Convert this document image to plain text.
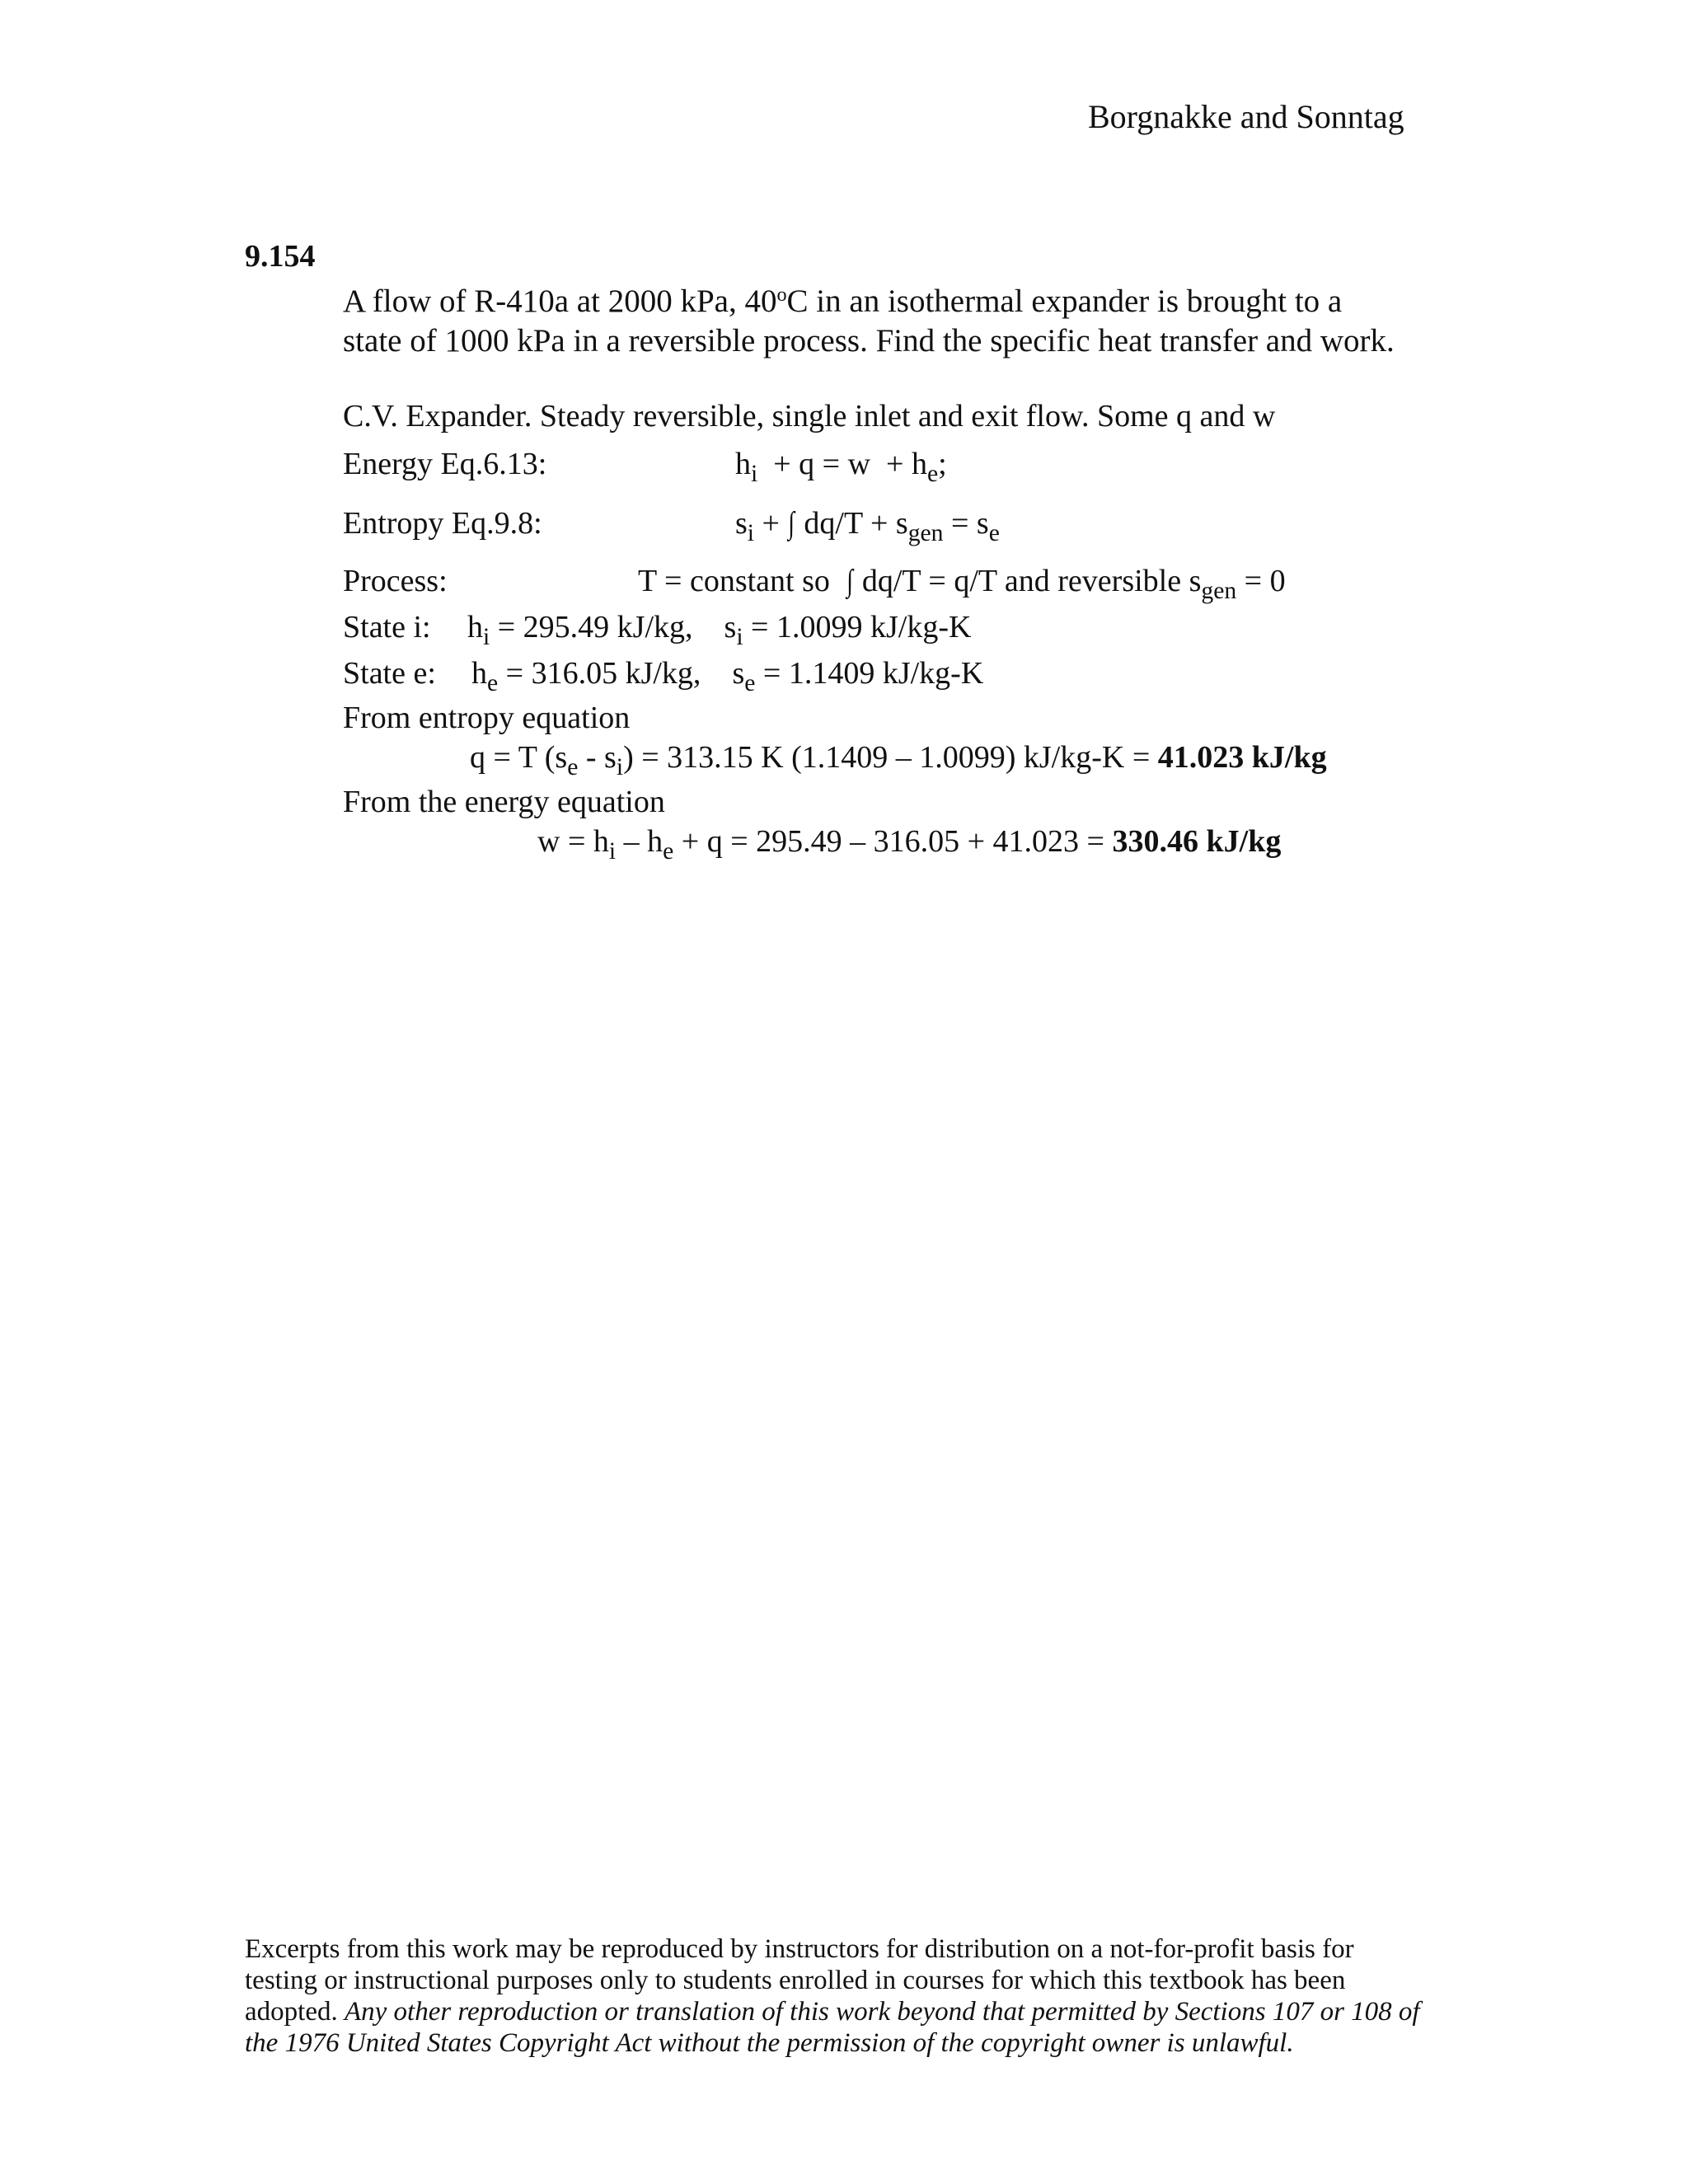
Borgnakke and Sonntag
9.154
A flow of R-410a at 2000 kPa, 40$^o$C in an isothermal expander is brought to a
state of 1000 kPa in a reversible process. Find the specific heat transfer and work.
C.V. Expander. Steady reversible, single inlet and exit flow. Some q and w
Energy Eq.6.13:	$h_i + q = w + h_e$;
Entropy Eq.9.8:	$s_i$ + ∫ $dq/T + s_{gen} = s_e$
Process:	T = constant so ∫ dq/T = q/T and reversible $s_{gen} = 0$
State i: $h_i = 295.49$ kJ/kg,    $s_i = 1.0099$ kJ/kg-K
State e: $h_e = 316.05$ kJ/kg,    $s_e = 1.1409$ kJ/kg-K
From entropy equation
q = T $(s_e - s_i) = 313.15$ K (1.1409 – 1.0099) kJ/kg-K = 41.023 kJ/kg
From the energy equation
$w = h_i - h_e + q = 295.49 - 316.05 + 41.023 = 330.46$ kJ/kg

Excerpts from this work may be reproduced by instructors for distribution on a not-for-profit basis for testing or instructional purposes only to students enrolled in courses for which this textbook has been adopted. Any other reproduction or translation of this work beyond that permitted by Sections 107 or 108 of the 1976 United States Copyright Act without the permission of the copyright owner is unlawful.
